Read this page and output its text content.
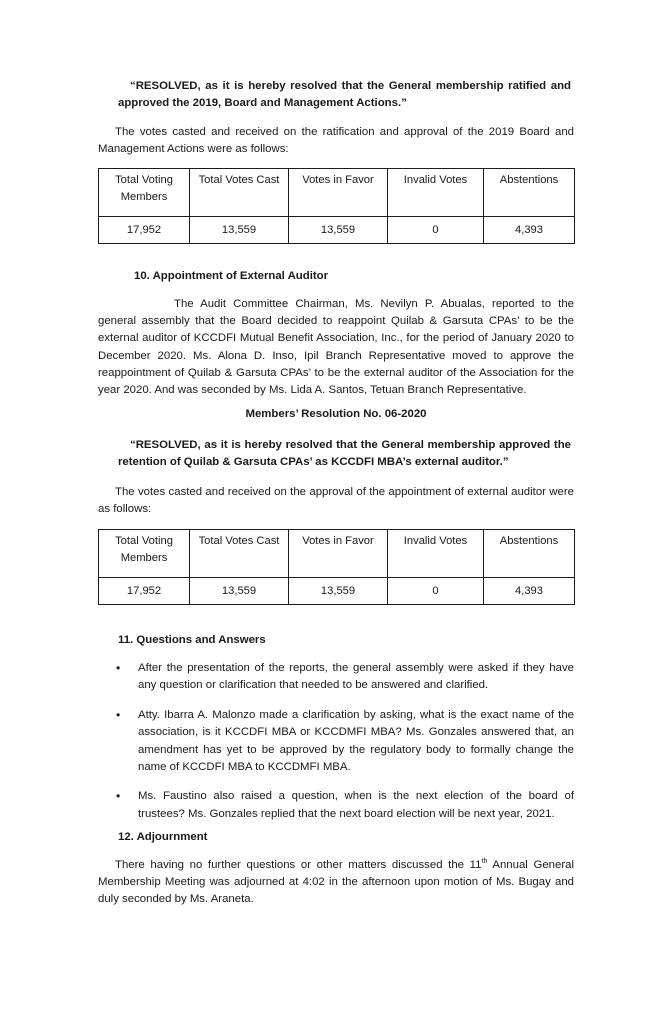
“RESOLVED, as it is hereby resolved that the General membership ratified and approved the 2019, Board and Management Actions.”

The votes casted and received on the ratification and approval of the 2019 Board and Management Actions were as follows:

Total Voting Members	Total Votes Cast	Votes in Favor	Invalid Votes	Abstentions
17,952	13,559	13,559	0	4,393

10. Appointment of External Auditor

The Audit Committee Chairman, Ms. Nevilyn P. Abualas, reported to the general assembly that the Board decided to reappoint Quilab & Garsuta CPAs’ to be the external auditor of KCCDFI Mutual Benefit Association, Inc., for the period of January 2020 to December 2020. Ms. Alona D. Inso, Ipil Branch Representative moved to approve the reappointment of Quilab & Garsuta CPAs’ to be the external auditor of the Association for the year 2020. And was seconded by Ms. Lida A. Santos, Tetuan Branch Representative.

Members’ Resolution No. 06-2020

“RESOLVED, as it is hereby resolved that the General membership approved the retention of Quilab & Garsuta CPAs’ as KCCDFI MBA’s external auditor.”

The votes casted and received on the approval of the appointment of external auditor were as follows:

Total Voting Members	Total Votes Cast	Votes in Favor	Invalid Votes	Abstentions
17,952	13,559	13,559	0	4,393

11. Questions and Answers

• After the presentation of the reports, the general assembly were asked if they have any question or clarification that needed to be answered and clarified.
• Atty. Ibarra A. Malonzo made a clarification by asking, what is the exact name of the association, is it KCCDFI MBA or KCCDMFI MBA? Ms. Gonzales answered that, an amendment has yet to be approved by the regulatory body to formally change the name of KCCDFI MBA to KCCDMFI MBA.
• Ms. Faustino also raised a question, when is the next election of the board of trustees? Ms. Gonzales replied that the next board election will be next year, 2021.

12. Adjournment

There having no further questions or other matters discussed the 11th Annual General Membership Meeting was adjourned at 4:02 in the afternoon upon motion of Ms. Bugay and duly seconded by Ms. Araneta.
